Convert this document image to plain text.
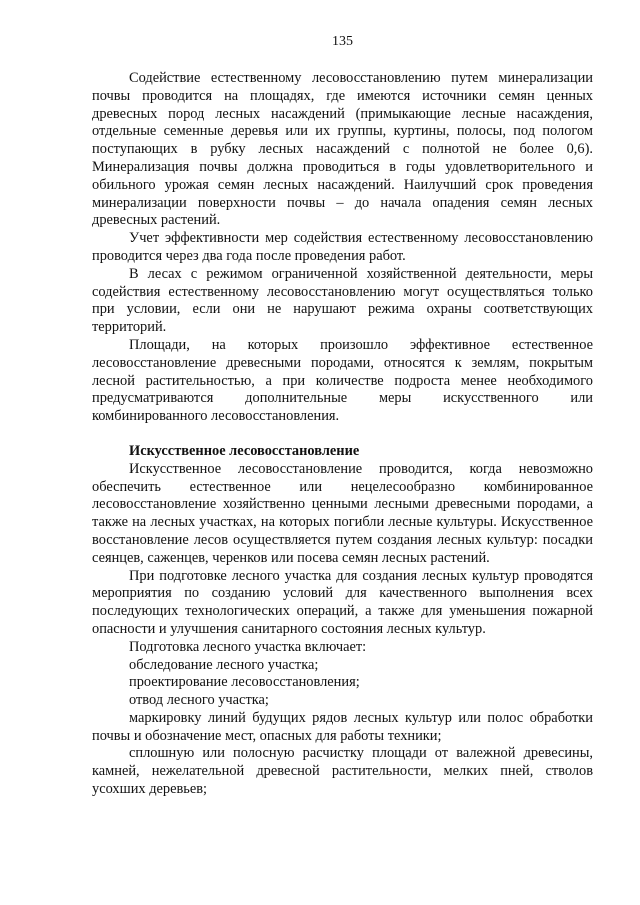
135

Содействие естественному лесовосстановлению путем минерализации почвы проводится на площадях, где имеются источники семян ценных древесных пород лесных насаждений (примыкающие лесные насаждения, отдельные семенные деревья или их группы, куртины, полосы, под пологом поступающих в рубку лесных насаждений с полнотой не более 0,6). Минерализация почвы должна проводиться в годы удовлетворительного и обильного урожая семян лесных насаждений. Наилучший срок проведения минерализации поверхности почвы – до начала опадения семян лесных древесных растений.

Учет эффективности мер содействия естественному лесовосстановлению проводится через два года после проведения работ.

В лесах с режимом ограниченной хозяйственной деятельности, меры содействия естественному лесовосстановлению могут осуществляться только при условии, если они не нарушают режима охраны соответствующих территорий.

Площади, на которых произошло эффективное естественное лесовосстановление древесными породами, относятся к землям, покрытым лесной растительностью, а при количестве подроста менее необходимого предусматриваются дополнительные меры искусственного или комбинированного лесовосстановления.

Искусственное лесовосстановление

Искусственное лесовосстановление проводится, когда невозможно обеспечить естественное или нецелесообразно комбинированное лесовосстановление хозяйственно ценными лесными древесными породами, а также на лесных участках, на которых погибли лесные культуры. Искусственное восстановление лесов осуществляется путем создания лесных культур: посадки сеянцев, саженцев, черенков или посева семян лесных растений.

При подготовке лесного участка для создания лесных культур проводятся мероприятия по созданию условий для качественного выполнения всех последующих технологических операций, а также для уменьшения пожарной опасности и улучшения санитарного состояния лесных культур.

Подготовка лесного участка включает:

обследование лесного участка;

проектирование лесовосстановления;

отвод лесного участка;

маркировку линий будущих рядов лесных культур или полос обработки почвы и обозначение мест, опасных для работы техники;

сплошную или полосную расчистку площади от валежной древесины, камней, нежелательной древесной растительности, мелких пней, стволов усохших деревьев;
